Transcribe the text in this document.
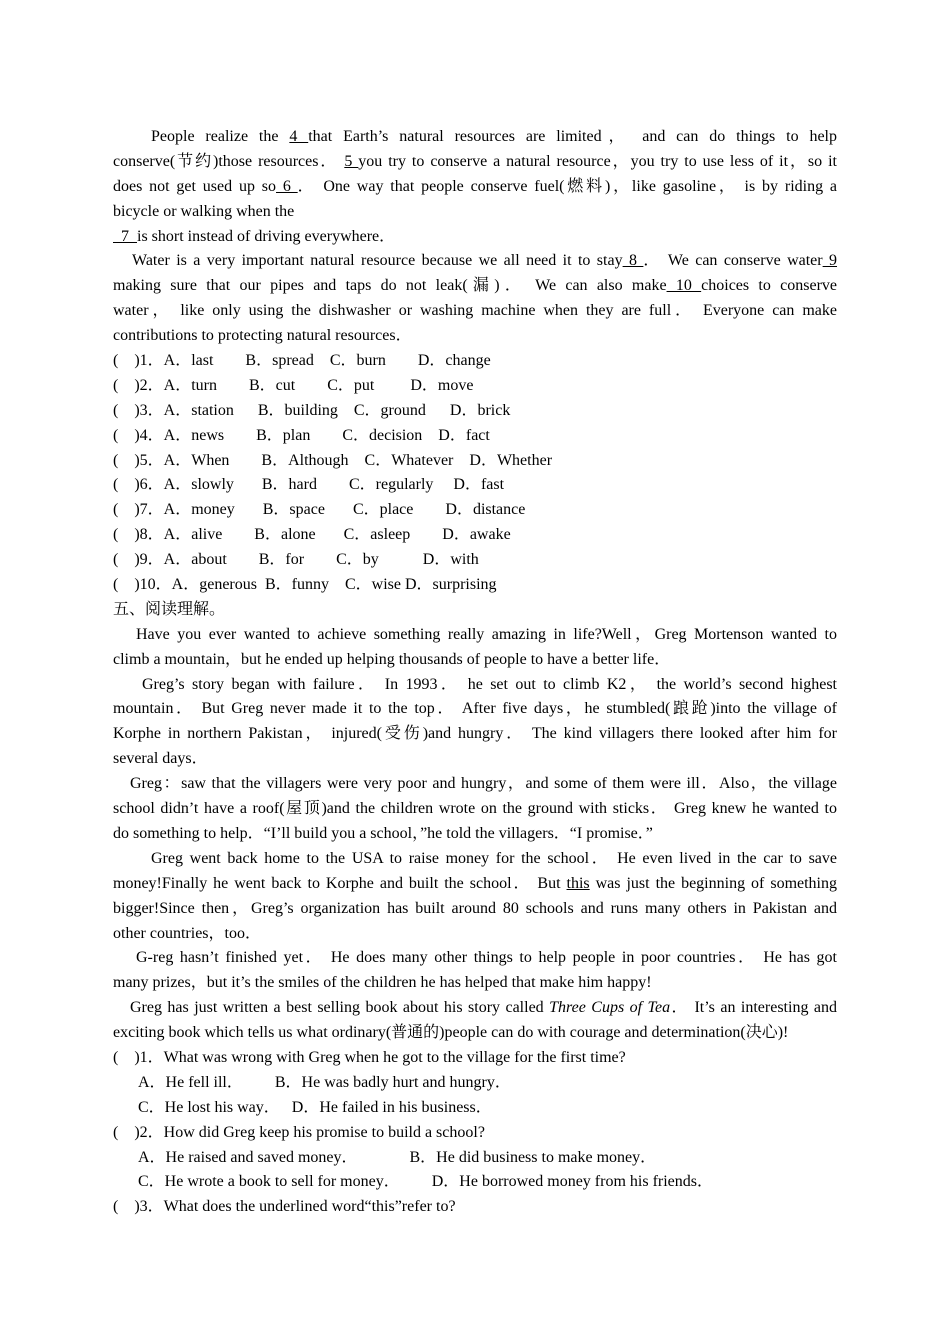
People realize the 4 that Earth’s natural resources are limited， and can do things to help
conserve(节约)those resources． 5 you try to conserve a natural resource，you try to use less of it，so it
does not get used up so 6 ． One way that people conserve fuel(燃料)，like gasoline， is by riding a
bicycle or walking when the
7  is short instead of driving everywhere．
Water is a very important natural resource because we all need it to stay 8 ． We can conserve water 9
making sure that our pipes and taps do not leak(漏)． We can also make 10 choices to conserve
water， like only using the dishwasher or washing machine when they are full． Everyone can make
contributions to protecting natural resources．
(    )1．A．last        B．spread    C．burn        D．change
(    )2．A．turn        B．cut        C．put         D．move
(    )3．A．station      B．building    C．ground      D．brick
(    )4．A．news        B．plan        C．decision    D．fact
(    )5．A．When        B．Although    C．Whatever    D．Whether
(    )6．A．slowly       B．hard        C．regularly     D．fast
(    )7．A．money       B．space       C．place        D．distance
(    )8．A．alive        B．alone       C．asleep        D．awake
(    )9．A．about        B．for        C．by           D．with
(    )10．A．generous  B．funny    C．wise D．surprising
五、阅读理解。
Have you ever wanted to achieve something really amazing in life?Well，Greg Mortenson wanted to
climb a mountain，but he ended up helping thousands of people to have a better life．
Greg’s story began with failure． In 1993． he set out to climb K2， the world’s second highest
mountain． But Greg never made it to the top． After five days，he stumbled(踉跄)into the village of
Korphe in northern Pakistan， injured(受伤)and hungry． The kind villagers there looked after him for
several days．
Greg：saw that the villagers were very poor and hungry，and some of them were ill．Also，the village
school didn’t have a roof(屋顶)and the children wrote on the ground with sticks． Greg knew he wanted to
do something to help．“I’ll build you a school，”he told the villagers．“I promise．”
Greg went back home to the USA to raise money for the school． He even lived in the car to save
money!Finally he went back to Korphe and built the school． But this was just the beginning of something
bigger!Since then，Greg’s organization has built around 80 schools and runs many others in Pakistan and
other countries，too．
G-reg hasn’t finished yet． He does many other things to help people in poor countries． He has got
many prizes，but it’s the smiles of the children he has helped that make him happy!
Greg has just written a best selling book about his story called Three Cups of Tea． It’s an interesting and
exciting book which tells us what ordinary(普通的)people can do with courage and determination(决心)!
(    )1．What was wrong with Greg when he got to the village for the first time?
A．He fell ill．        B．He was badly hurt and hungry．
C．He lost his way．   D．He failed in his business．
(    )2．How did Greg keep his promise to build a school?
A．He raised and saved money．             B．He did business to make money．
C．He wrote a book to sell for money．        D．He borrowed money from his friends．
(    )3．What does the underlined word“this”refer to?
